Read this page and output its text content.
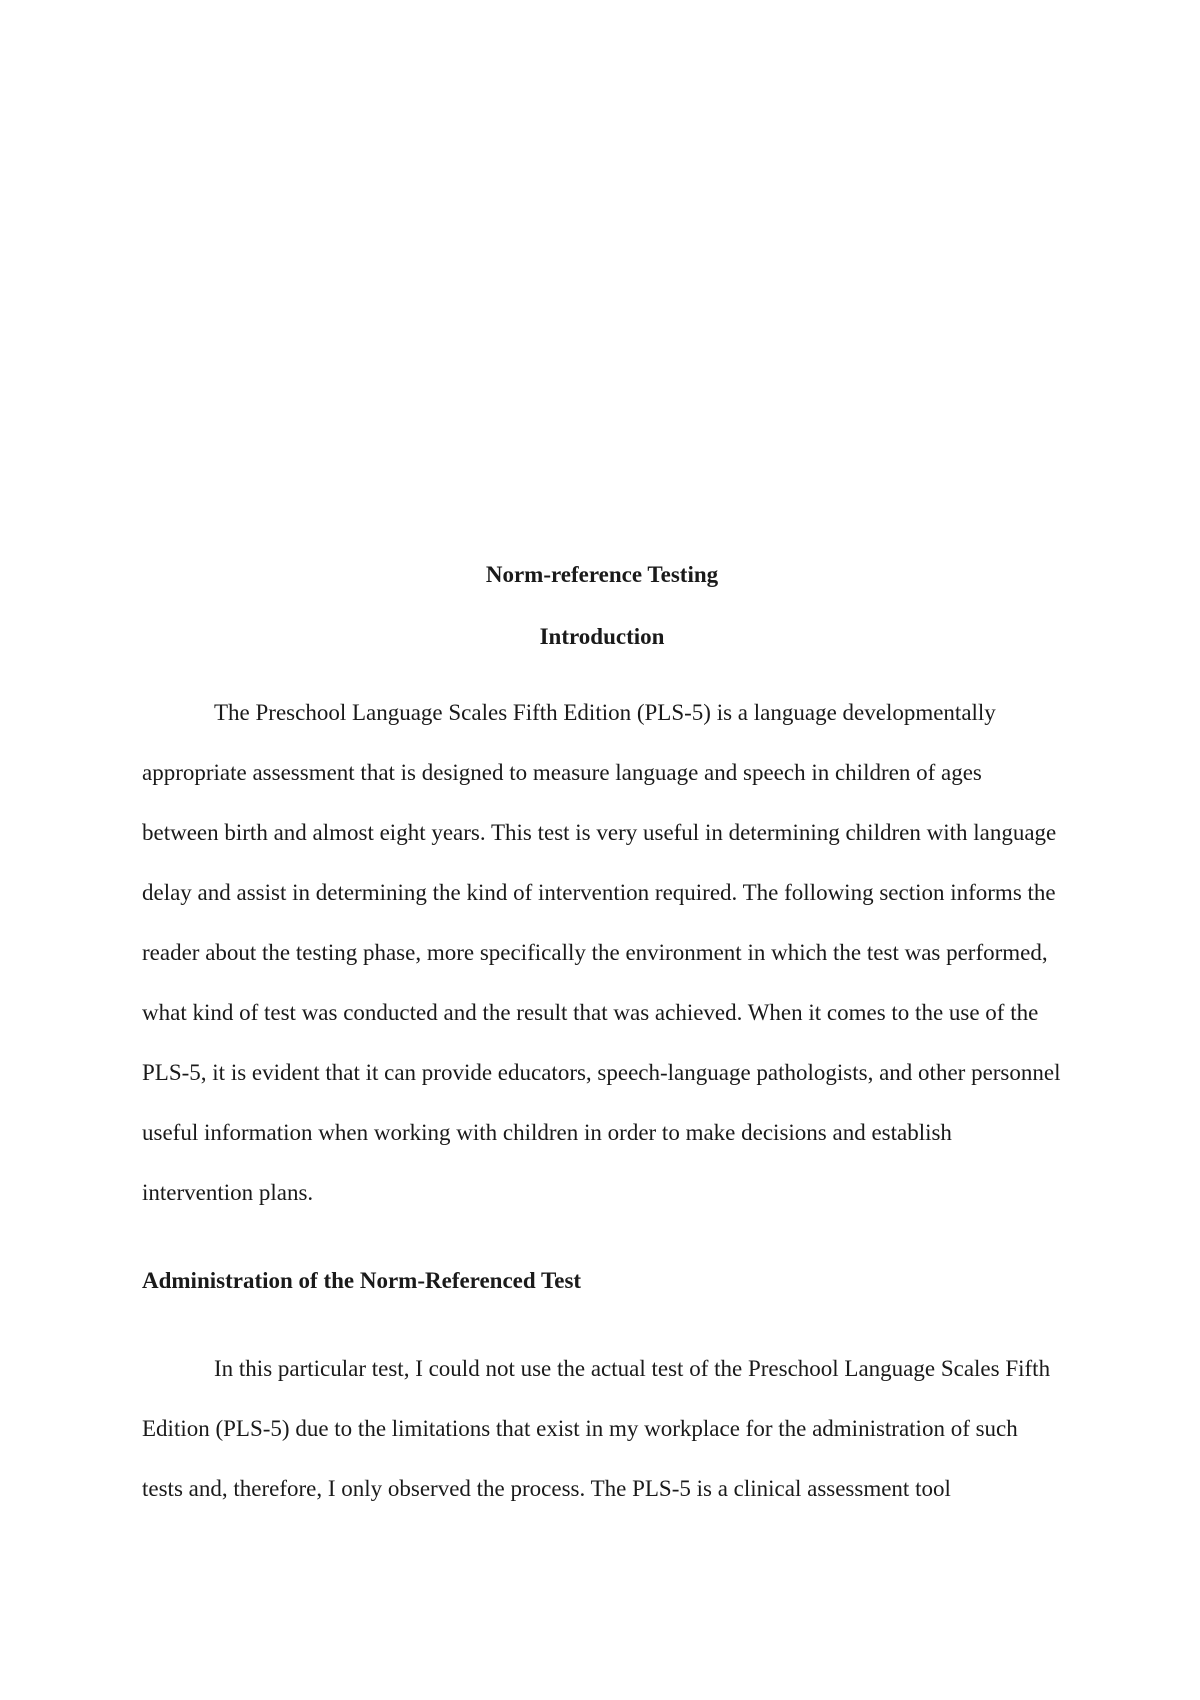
Norm-reference Testing
Introduction

The Preschool Language Scales Fifth Edition (PLS-5) is a language developmentally appropriate assessment that is designed to measure language and speech in children of ages between birth and almost eight years. This test is very useful in determining children with language delay and assist in determining the kind of intervention required. The following section informs the reader about the testing phase, more specifically the environment in which the test was performed, what kind of test was conducted and the result that was achieved. When it comes to the use of the PLS-5, it is evident that it can provide educators, speech-language pathologists, and other personnel useful information when working with children in order to make decisions and establish intervention plans.

Administration of the Norm-Referenced Test

In this particular test, I could not use the actual test of the Preschool Language Scales Fifth Edition (PLS-5) due to the limitations that exist in my workplace for the administration of such tests and, therefore, I only observed the process. The PLS-5 is a clinical assessment tool
